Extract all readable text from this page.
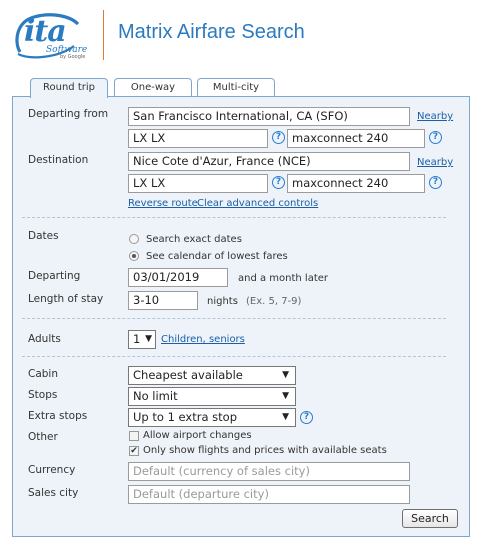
ita
Software
by Google
Matrix Airfare Search
Round trip	One-way	Multi-city
Departing from	San Francisco International, CA (SFO)	Nearby
LX LX	? maxconnect 240	?
Destination	Nice Cote d'Azur, France (NCE)	Nearby
LX LX	? maxconnect 240	?
Reverse route Clear advanced controls
Dates	Search exact dates
See calendar of lowest fares
Departing	03/01/2019	and a month later
Length of stay	3-10	nights (Ex. 5, 7-9)
Adults	1 ▼ Children, seniors
Cabin	Cheapest available	▼
Stops	No limit	▼
Extra stops	Up to 1 extra stop	▼	?
Other	Allow airport changes
✔ Only show flights and prices with available seats
Currency	Default (currency of sales city)
Sales city	Default (departure city)
Search
